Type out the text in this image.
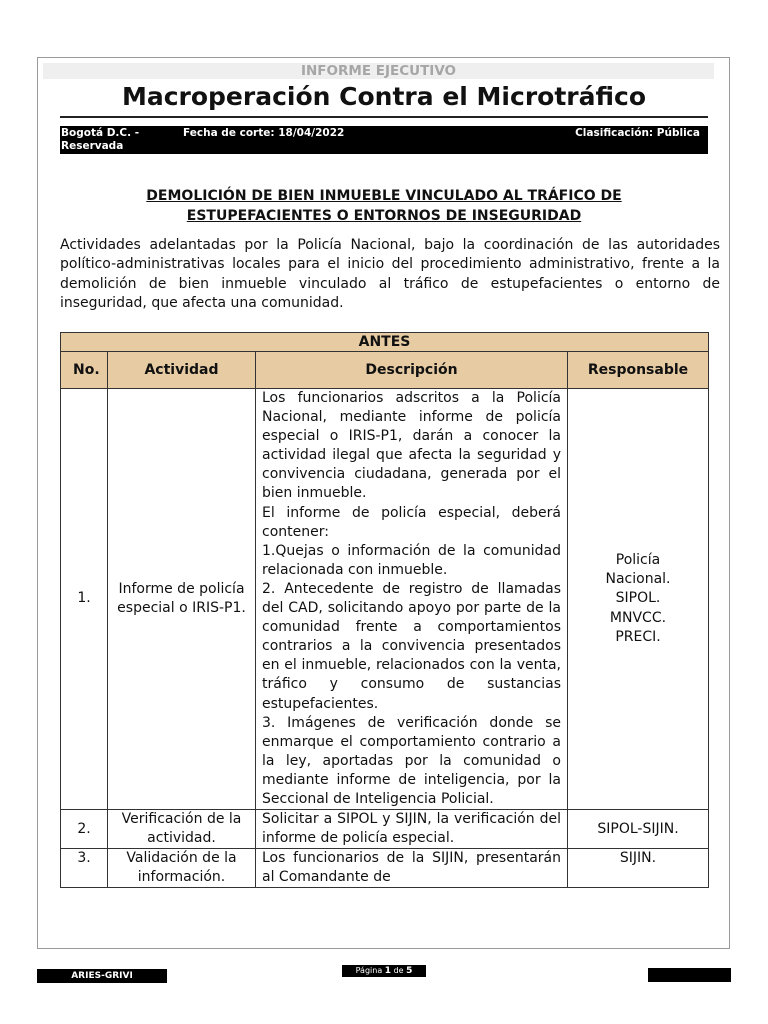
INFORME EJECUTIVO
Macroperación Contra el Microtráfico
Bogotá D.C. -Reservada
Fecha de corte: 18/04/2022	Clasificación: Pública
DEMOLICIÓN DE BIEN INMUEBLE VINCULADO AL TRÁFICO DE
ESTUPEFACIENTES O ENTORNOS DE INSEGURIDAD
Actividades adelantadas por la Policía Nacional, bajo la coordinación de las autoridades político-administrativas locales para el inicio del procedimiento administrativo, frente a la demolición de bien inmueble vinculado al tráfico de estupefacientes o entorno de inseguridad, que afecta una comunidad.
ANTES			
No.	Actividad	Descripción	Responsable
1.	Informe de policía especial o IRIS-P1.	Los funcionarios adscritos a la Policía Nacional, mediante informe de policía especial o IRIS-P1, darán a conocer la actividad ilegal que afecta la seguridad y convivencia ciudadana, generada por el bien inmueble.
El informe de policía especial, deberá contener:
1.Quejas o información de la comunidad relacionada con inmueble.
2. Antecedente de registro de llamadas del CAD, solicitando apoyo por parte de la comunidad frente a comportamientos contrarios a la convivencia presentados en el inmueble, relacionados con la venta, tráfico y consumo de sustancias estupefacientes.
3. Imágenes de verificación donde se enmarque el comportamiento contrario a la ley, aportadas por la comunidad o mediante informe de inteligencia, por la Seccional de Inteligencia Policial.	Policía Nacional. SIPOL. MNVCC. PRECI.
2.	Verificación de la actividad.	Solicitar a SIPOL y SIJIN, la verificación del informe de policía especial.	SIPOL-SIJIN.
3.	Validación de la información.	Los funcionarios de la SIJIN, presentarán al Comandante de	SIJIN.
ARIES-GRIVI
Página 1 de 5
